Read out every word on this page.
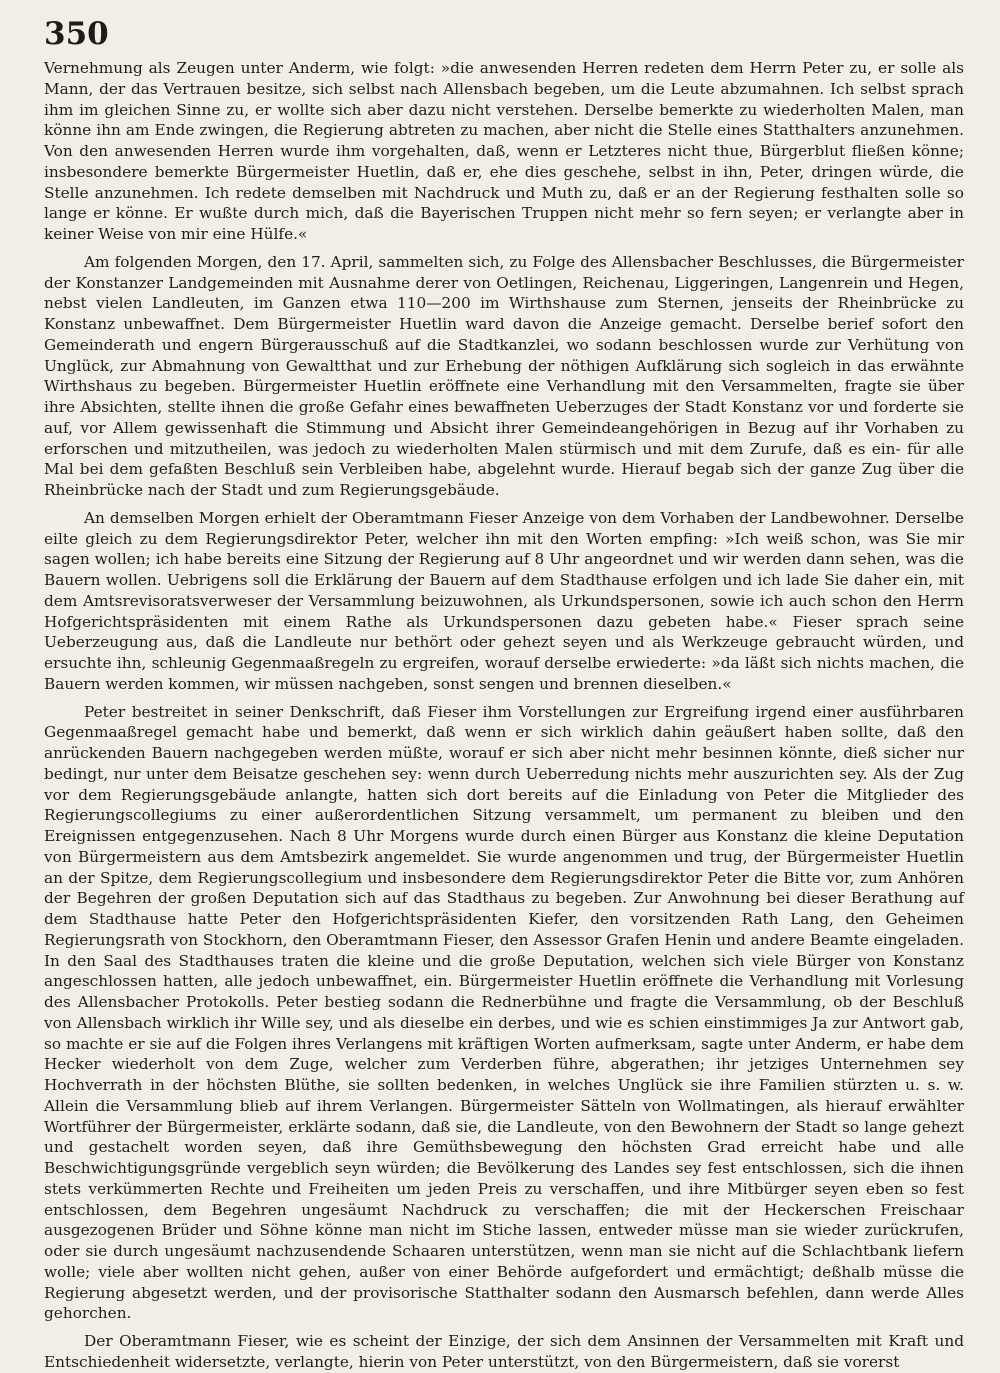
350

Vernehmung als Zeugen unter Anderm, wie folgt: »die anwesenden Herren redeten dem Herrn Peter zu, er solle als Mann, der das Vertrauen besitze, sich selbst nach Allensbach begeben, um die Leute abzumahnen. Ich selbst sprach ihm im gleichen Sinne zu, er wollte sich aber dazu nicht verstehen. Derselbe bemerkte zu wiederholten Malen, man könne ihn am Ende zwingen, die Regierung abtreten zu machen, aber nicht die Stelle eines Statthalters anzunehmen. Von den anwesenden Herren wurde ihm vorgehalten, daß, wenn er Letzteres nicht thue, Bürgerblut fließen könne; insbesondere bemerkte Bürgermeister Huetlin, daß er, ehe dies geschehe, selbst in ihn, Peter, dringen würde, die Stelle anzunehmen. Ich redete demselben mit Nachdruck und Muth zu, daß er an der Regierung festhalten solle so lange er könne. Er wußte durch mich, daß die Bayerischen Truppen nicht mehr so fern seyen; er verlangte aber in keiner Weise von mir eine Hülfe.«

Am folgenden Morgen, den 17. April, sammelten sich, zu Folge des Allensbacher Beschlusses, die Bürgermeister der Konstanzer Landgemeinden mit Ausnahme derer von Oetlingen, Reichenau, Liggeringen, Langenrein und Hegen, nebst vielen Landleuten, im Ganzen etwa 110—200 im Wirthshause zum Sternen, jenseits der Rheinbrücke zu Konstanz unbewaffnet. Dem Bürgermeister Huetlin ward davon die Anzeige gemacht. Derselbe berief sofort den Gemeinderath und engern Bürgerausschuß auf die Stadtkanzlei, wo sodann beschlossen wurde zur Verhütung von Unglück, zur Abmahnung von Gewaltthat und zur Erhebung der nöthigen Aufklärung sich sogleich in das erwähnte Wirthshaus zu begeben. Bürgermeister Huetlin eröffnete eine Verhandlung mit den Versammelten, fragte sie über ihre Absichten, stellte ihnen die große Gefahr eines bewaffneten Ueberzuges der Stadt Konstanz vor und forderte sie auf, vor Allem gewissenhaft die Stimmung und Absicht ihrer Gemeindeangehörigen in Bezug auf ihr Vorhaben zu erforschen und mitzutheilen, was jedoch zu wiederholten Malen stürmisch und mit dem Zurufe, daß es ein- für alle Mal bei dem gefaßten Beschluß sein Verbleiben habe, abgelehnt wurde. Hierauf begab sich der ganze Zug über die Rheinbrücke nach der Stadt und zum Regierungsgebäude.

An demselben Morgen erhielt der Oberamtmann Fieser Anzeige von dem Vorhaben der Landbewohner. Derselbe eilte gleich zu dem Regierungsdirektor Peter, welcher ihn mit den Worten empfing: »Ich weiß schon, was Sie mir sagen wollen; ich habe bereits eine Sitzung der Regierung auf 8 Uhr angeordnet und wir werden dann sehen, was die Bauern wollen. Uebrigens soll die Erklärung der Bauern auf dem Stadthause erfolgen und ich lade Sie daher ein, mit dem Amtsrevisoratsverweser der Versammlung beizuwohnen, als Urkundspersonen, sowie ich auch schon den Herrn Hofgerichtspräsidenten mit einem Rathe als Urkundspersonen dazu gebeten habe.« Fieser sprach seine Ueberzeugung aus, daß die Landleute nur bethört oder gehezt seyen und als Werkzeuge gebraucht würden, und ersuchte ihn, schleunig Gegenmaaßregeln zu ergreifen, worauf derselbe erwiederte: »da läßt sich nichts machen, die Bauern werden kommen, wir müssen nachgeben, sonst sengen und brennen dieselben.«

Peter bestreitet in seiner Denkschrift, daß Fieser ihm Vorstellungen zur Ergreifung irgend einer ausführbaren Gegenmaaßregel gemacht habe und bemerkt, daß wenn er sich wirklich dahin geäußert haben sollte, daß den anrückenden Bauern nachgegeben werden müßte, worauf er sich aber nicht mehr besinnen könnte, dieß sicher nur bedingt, nur unter dem Beisatze geschehen sey: wenn durch Ueberredung nichts mehr auszurichten sey. Als der Zug vor dem Regierungsgebäude anlangte, hatten sich dort bereits auf die Einladung von Peter die Mitglieder des Regierungscollegiums zu einer außerordentlichen Sitzung versammelt, um permanent zu bleiben und den Ereignissen entgegenzusehen. Nach 8 Uhr Morgens wurde durch einen Bürger aus Konstanz die kleine Deputation von Bürgermeistern aus dem Amtsbezirk angemeldet. Sie wurde angenommen und trug, der Bürgermeister Huetlin an der Spitze, dem Regierungscollegium und insbesondere dem Regierungsdirektor Peter die Bitte vor, zum Anhören der Begehren der großen Deputation sich auf das Stadthaus zu begeben. Zur Anwohnung bei dieser Berathung auf dem Stadthause hatte Peter den Hofgerichtspräsidenten Kiefer, den vorsitzenden Rath Lang, den Geheimen Regierungsrath von Stockhorn, den Oberamtmann Fieser, den Assessor Grafen Henin und andere Beamte eingeladen. In den Saal des Stadthauses traten die kleine und die große Deputation, welchen sich viele Bürger von Konstanz angeschlossen hatten, alle jedoch unbewaffnet, ein. Bürgermeister Huetlin eröffnete die Verhandlung mit Vorlesung des Allensbacher Protokolls. Peter bestieg sodann die Rednerbühne und fragte die Versammlung, ob der Beschluß von Allensbach wirklich ihr Wille sey, und als dieselbe ein derbes, und wie es schien einstimmiges Ja zur Antwort gab, so machte er sie auf die Folgen ihres Verlangens mit kräftigen Worten aufmerksam, sagte unter Anderm, er habe dem Hecker wiederholt von dem Zuge, welcher zum Verderben führe, abgerathen; ihr jetziges Unternehmen sey Hochverrath in der höchsten Blüthe, sie sollten bedenken, in welches Unglück sie ihre Familien stürzten u. s. w. Allein die Versammlung blieb auf ihrem Verlangen. Bürgermeister Sätteln von Wollmatingen, als hierauf erwählter Wortführer der Bürgermeister, erklärte sodann, daß sie, die Landleute, von den Bewohnern der Stadt so lange gehezt und gestachelt worden seyen, daß ihre Gemüthsbewegung den höchsten Grad erreicht habe und alle Beschwichtigungsgründe vergeblich seyn würden; die Bevölkerung des Landes sey fest entschlossen, sich die ihnen stets verkümmerten Rechte und Freiheiten um jeden Preis zu verschaffen, und ihre Mitbürger seyen eben so fest entschlossen, dem Begehren ungesäumt Nachdruck zu verschaffen; die mit der Heckerschen Freischaar ausgezogenen Brüder und Söhne könne man nicht im Stiche lassen, entweder müsse man sie wieder zurückrufen, oder sie durch ungesäumt nachzusendende Schaaren unterstützen, wenn man sie nicht auf die Schlachtbank liefern wolle; viele aber wollten nicht gehen, außer von einer Behörde aufgefordert und ermächtigt; deßhalb müsse die Regierung abgesetzt werden, und der provisorische Statthalter sodann den Ausmarsch befehlen, dann werde Alles gehorchen.

Der Oberamtmann Fieser, wie es scheint der Einzige, der sich dem Ansinnen der Versammelten mit Kraft und Entschiedenheit widersetzte, verlangte, hierin von Peter unterstützt, von den Bürgermeistern, daß sie vorerst
